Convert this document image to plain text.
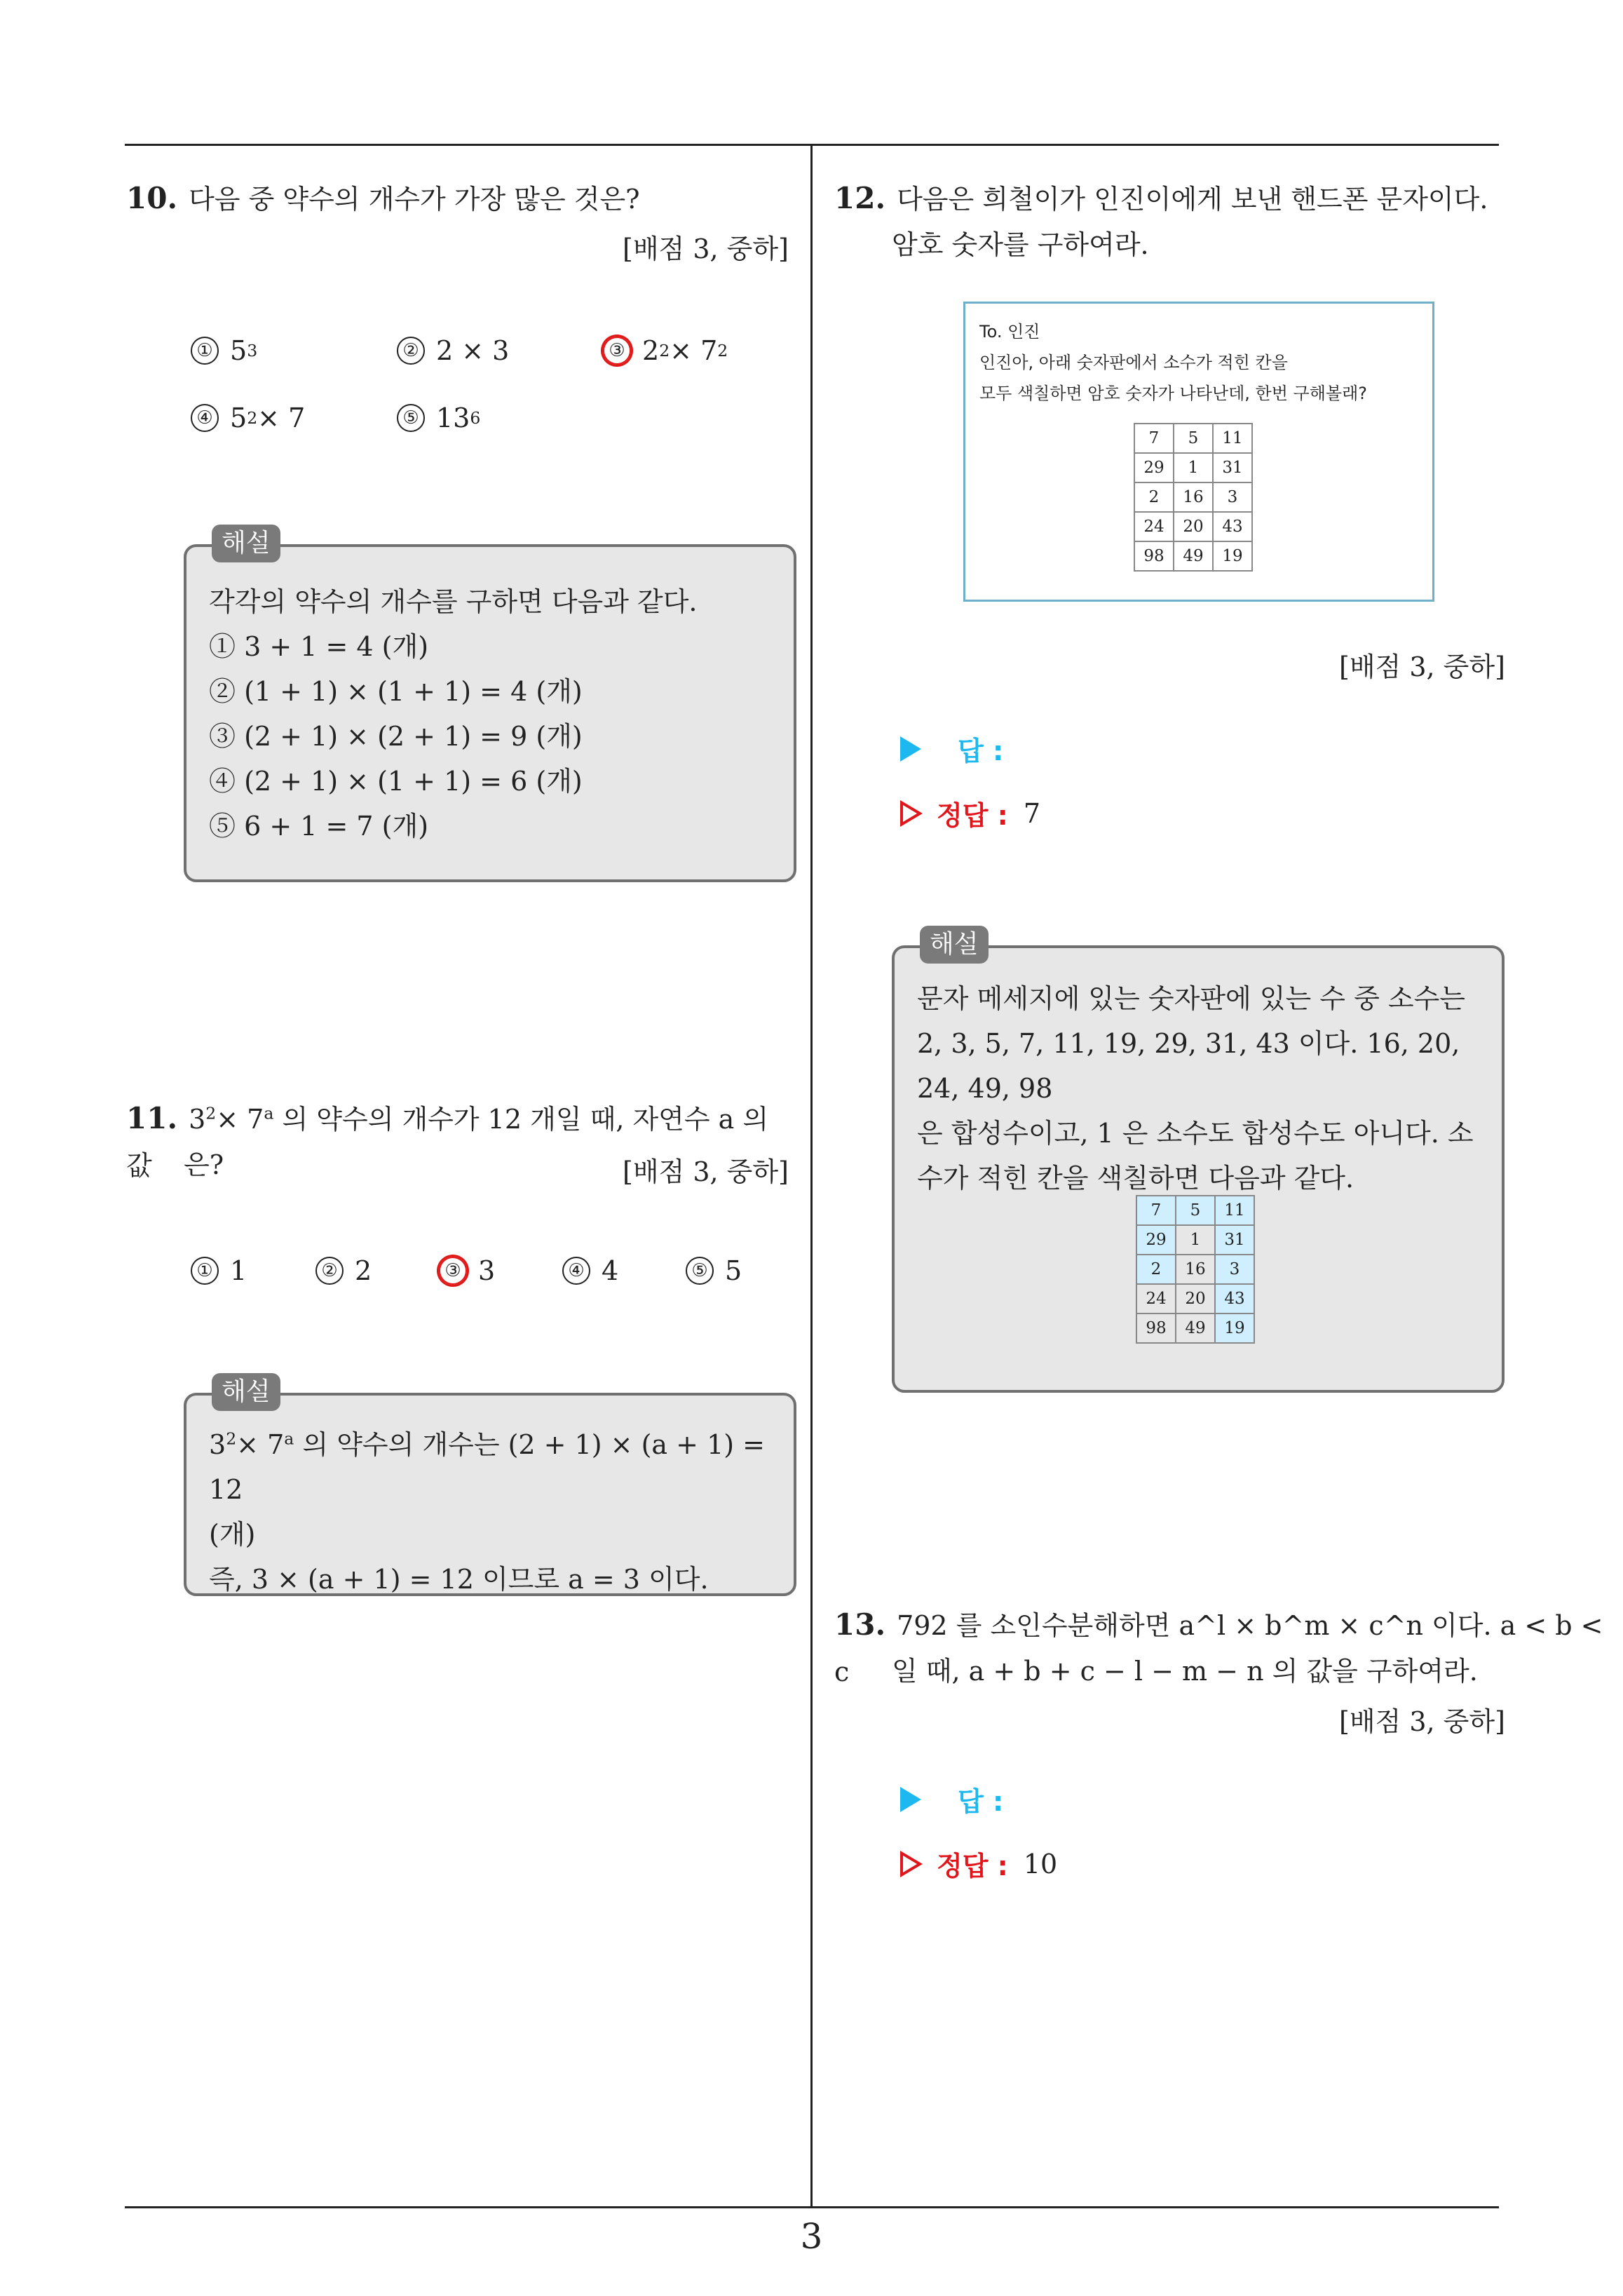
3
10. 다음 중 약수의 개수가 가장 많은 것은?
[배점 3, 중하]
① 5 3	② 2 × 3	③ 2 2 × 7 2
④ 5 2 × 7	⑤ 13 6
각각의 약수의 개수를 구하면 다음과 같다.
① 3 + 1 = 4 (개)
② (1 + 1) × (1 + 1) = 4 (개)
③ (2 + 1) × (2 + 1) = 9 (개)
④ (2 + 1) × (1 + 1) = 6 (개)
⑤ 6 + 1 = 7 (개)
해설
11. $3^2\times 7^a$ 의 약수의 개수가 12 개일 때, 자연수 a 의 값	은?	[배점 3, 중하]
① 1	② 2	③ 3	④ 4	⑤ 5
$3^2\times 7^a$ 의 약수의 개수는 (2 + 1) × (a + 1) = 12
(개)
즉, 3 × (a + 1) = 12 이므로 a = 3 이다.
해설
12. 다음은 희철이가 인진이에게 보낸 핸드폰 문자이다.
암호 숫자를 구하여라.
To. 인진
인진아, 아래 숫자판에서 소수가 적힌 칸을
모두 색칠하면 암호 숫자가 나타난데, 한번 구해볼래?
7	5	11
29	1	31
2	16	3
24	20	43
98	49	19
[배점 3, 중하]
답 :
정답 : 7
문자 메세지에 있는 숫자판에 있는 수 중 소수는
2, 3, 5, 7, 11, 19, 29, 31, 43 이다. 16, 20, 24, 49, 98
은 합성수이고, 1 은 소수도 합성수도 아니다. 소
수가 적힌 칸을 색칠하면 다음과 같다.
7	5	11
29	1	31
2	16	3
24	20	43
98	49	19
해설
13. 792 를 소인수분해하면 a^l × b^m × c^n 이다. a < b < c	일 때, a + b + c − l − m − n 의 값을 구하여라.
[배점 3, 중하]
답 :
정답 : 10
